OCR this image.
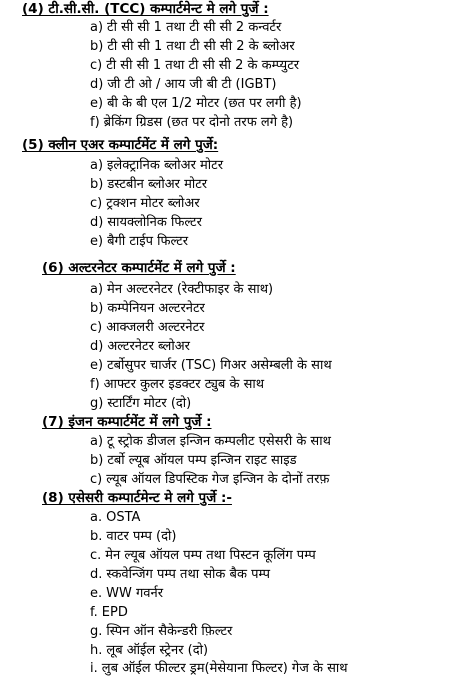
(4) टी.सी.सी. (TCC) कम्पार्टमेन्ट मे लगे पुर्जे :
a) टी सी सी 1 तथा टी सी सी 2 कन्वर्टर
b) टी सी सी 1 तथा टी सी सी 2 के ब्लोअर
c) टी सी सी 1 तथा टी सी सी 2 के कम्प्युटर
d) जी टी ओ / आय जी बी टी (IGBT)
e) बी के बी एल 1/2 मोटर (छत पर लगी है)
f) ब्रेकिंग ग्रिडस (छत पर दोनो तरफ लगे है)
(5) क्लीन एअर कम्पार्टमेंट में लगे पुर्जे:
a) इलेक्ट्रानिक ब्लोअर मोटर
b) डस्टबीन ब्लोअर मोटर
c) ट्रक्शन मोटर ब्लोअर
d) सायक्लोनिक फिल्टर
e) बैगी टाईप फिल्टर
(6) अल्टरनेटर कम्पार्टमेंट में लगे पुर्जे :
a) मेन अल्टरनेटर (रेक्टीफाइर के साथ)
b) कम्पेनियन अल्टरनेटर
c) आक्जलरी अल्टरनेटर
d) अल्टरनेटर ब्लोअर
e) टर्बोसुपर चार्जर (TSC) गिअर असेम्बली के साथ
f) आफ्टर कुलर इडक्टर ट्युब के साथ
g) स्टार्टिंग मोटर (दो)
(7) इंजन कम्पार्टमेंट में लगे पुर्जे :
a) टू स्ट्रोक डीजल इन्जिन कम्पलीट एसेसरी के साथ
b) टर्बो ल्यूब ऑयल पम्प इन्जिन राइट साइड
c) ल्यूब ऑयल डिपस्टिक गेज इन्जिन के दोनों तरफ़
(8) एसेसरी कम्पार्टमेन्ट मे लगे पुर्जे :-
a. OSTA
b. वाटर पम्प (दो)
c. मेन ल्यूब ऑयल पम्प तथा पिस्टन कूलिंग पम्प
d. स्कवेन्जिंग पम्प तथा सोक बैक पम्प
e. WW गवर्नर
f. EPD
g. स्पिन ऑन सैकेन्डरी फ़िल्टर
h. लूब ऑईल स्ट्रेनर (दो)
i. लुब ऑईल फील्टर ड्रम(मेसेयाना फिल्टर) गेज के साथ
